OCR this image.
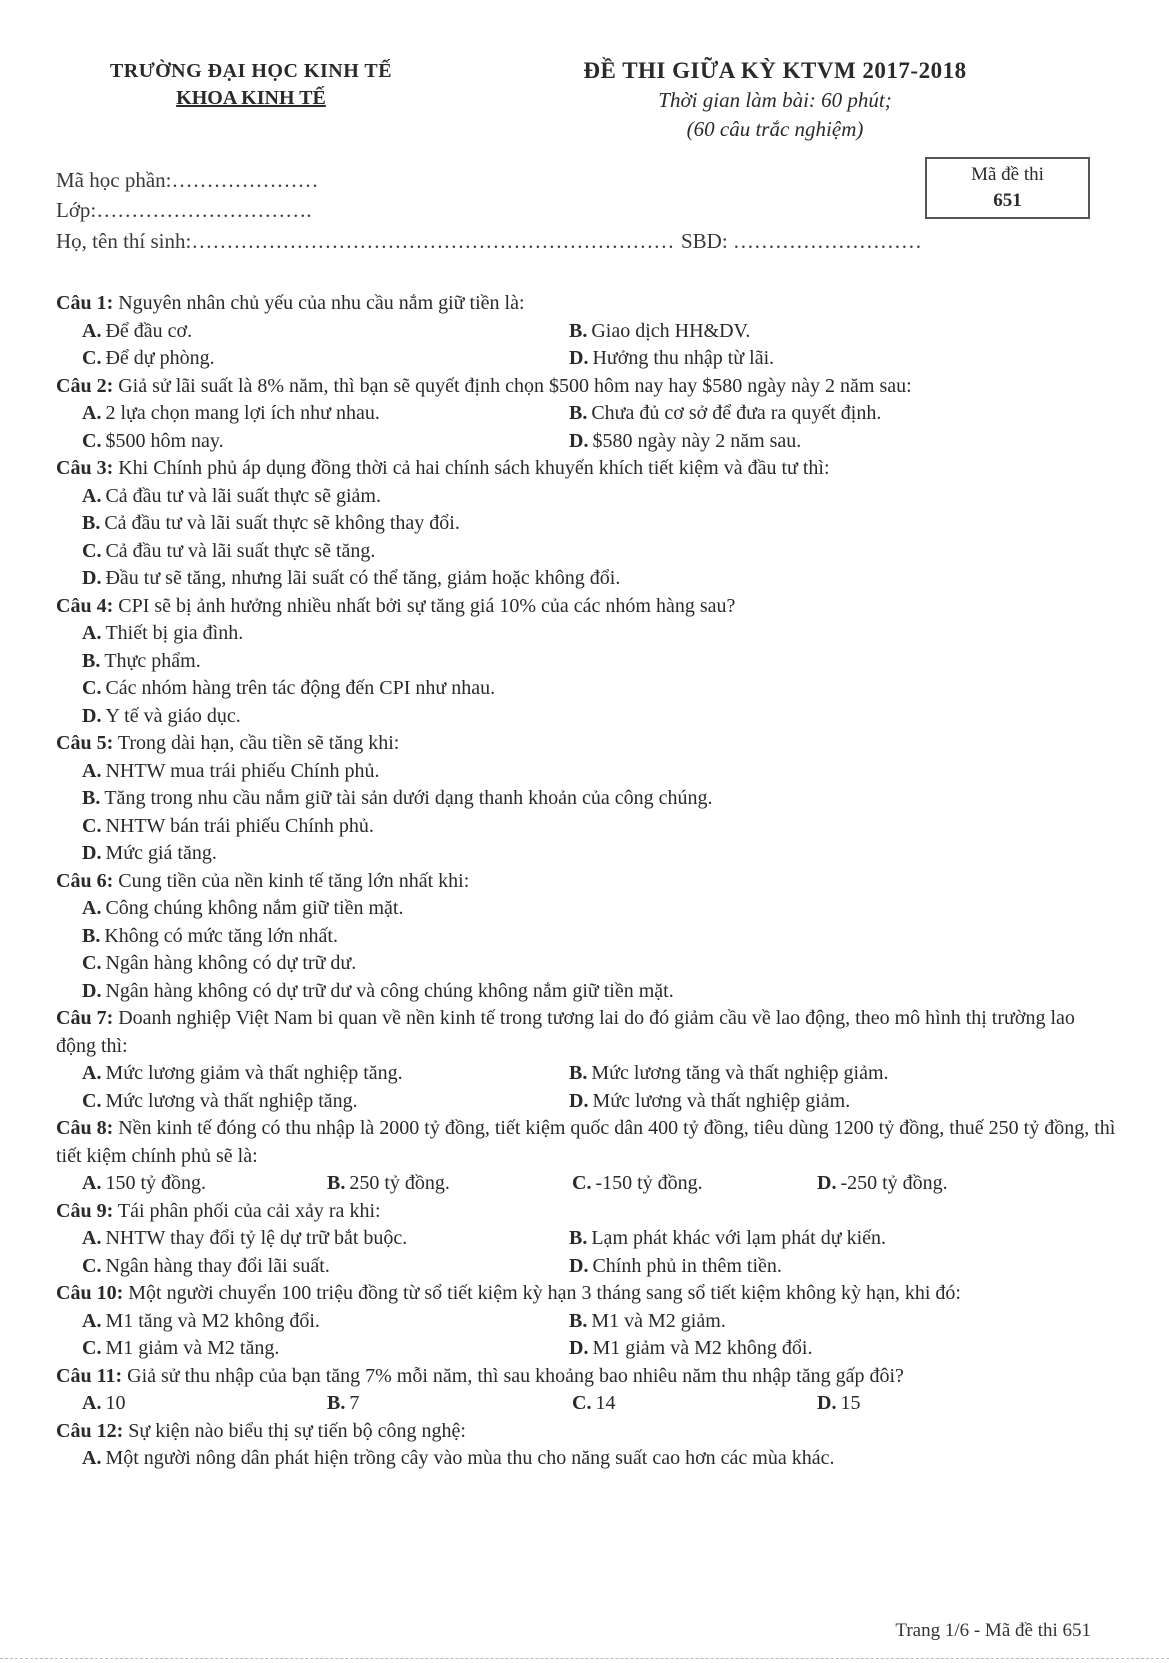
TRƯỜNG ĐẠI HỌC KINH TẾ
KHOA KINH TẾ
ĐỀ THI GIỮA KỲ KTVM 2017-2018
Thời gian làm bài: 60 phút;
(60 câu trắc nghiệm)
Mã đề thi
651
Mã học phần:…………………
Lớp:………………………….
Họ, tên thí sinh:…………………………………………………………… SBD: ………………………
Câu 1: Nguyên nhân chủ yếu của nhu cầu nắm giữ tiền là:
A. Để đầu cơ.	B. Giao dịch HH&DV.
C. Để dự phòng.	D. Hưởng thu nhập từ lãi.
Câu 2: Giả sử lãi suất là 8% năm, thì bạn sẽ quyết định chọn $500 hôm nay hay $580 ngày này 2 năm sau:
A. 2 lựa chọn mang lợi ích như nhau.	B. Chưa đủ cơ sở để đưa ra quyết định.
C. $500 hôm nay.	D. $580 ngày này 2 năm sau.
Câu 3: Khi Chính phủ áp dụng đồng thời cả hai chính sách khuyến khích tiết kiệm và đầu tư thì:
A. Cả đầu tư và lãi suất thực sẽ giảm.
B. Cả đầu tư và lãi suất thực sẽ không thay đổi.
C. Cả đầu tư và lãi suất thực sẽ tăng.
D. Đầu tư sẽ tăng, nhưng lãi suất có thể tăng, giảm hoặc không đổi.
Câu 4: CPI sẽ bị ảnh hưởng nhiều nhất bởi sự tăng giá 10% của các nhóm hàng sau?
A. Thiết bị gia đình.
B. Thực phẩm.
C. Các nhóm hàng trên tác động đến CPI như nhau.
D. Y tế và giáo dục.
Câu 5: Trong dài hạn, cầu tiền sẽ tăng khi:
A. NHTW mua trái phiếu Chính phủ.
B. Tăng trong nhu cầu nắm giữ tài sản dưới dạng thanh khoản của công chúng.
C. NHTW bán trái phiếu Chính phủ.
D. Mức giá tăng.
Câu 6: Cung tiền của nền kinh tế tăng lớn nhất khi:
A. Công chúng không nắm giữ tiền mặt.
B. Không có mức tăng lớn nhất.
C. Ngân hàng không có dự trữ dư.
D. Ngân hàng không có dự trữ dư và công chúng không nắm giữ tiền mặt.
Câu 7: Doanh nghiệp Việt Nam bi quan về nền kinh tế trong tương lai do đó giảm cầu về lao động, theo mô hình thị trường lao động thì:
A. Mức lương giảm và thất nghiệp tăng.	B. Mức lương tăng và thất nghiệp giảm.
C. Mức lương và thất nghiệp tăng.	D. Mức lương và thất nghiệp giảm.
Câu 8: Nền kinh tế đóng có thu nhập là 2000 tỷ đồng, tiết kiệm quốc dân 400 tỷ đồng, tiêu dùng 1200 tỷ đồng, thuế 250 tỷ đồng, thì tiết kiệm chính phủ sẽ là:
A. 150 tỷ đồng.	B. 250 tỷ đồng.	C. -150 tỷ đồng.	D. -250 tỷ đồng.
Câu 9: Tái phân phối của cải xảy ra khi:
A. NHTW thay đổi tỷ lệ dự trữ bắt buộc.	B. Lạm phát khác với lạm phát dự kiến.
C. Ngân hàng thay đổi lãi suất.	D. Chính phủ in thêm tiền.
Câu 10: Một người chuyển 100 triệu đồng từ sổ tiết kiệm kỳ hạn 3 tháng sang sổ tiết kiệm không kỳ hạn, khi đó:
A. M1 tăng và M2 không đổi.	B. M1 và M2 giảm.
C. M1 giảm và M2 tăng.	D. M1 giảm và M2 không đổi.
Câu 11: Giả sử thu nhập của bạn tăng 7% mỗi năm, thì sau khoảng bao nhiêu năm thu nhập tăng gấp đôi?
A. 10	B. 7	C. 14	D. 15
Câu 12: Sự kiện nào biểu thị sự tiến bộ công nghệ:
A. Một người nông dân phát hiện trồng cây vào mùa thu cho năng suất cao hơn các mùa khác.
Trang 1/6 - Mã đề thi 651
